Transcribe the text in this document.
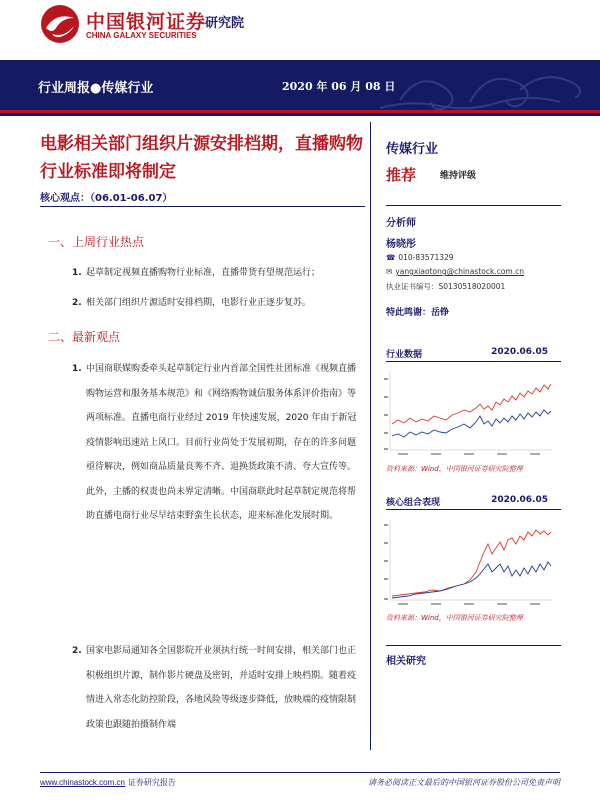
中国银河证券
CHINA GALAXY SECURITIES
研究院
行业周报●传媒行业	2020 年 06 月 08 日
电影相关部门组织片源安排档期，直播购物行业标准即将制定
核心观点：（06.01-06.07）
一、上周行业热点
1. 起草制定视频直播购物行业标准，直播带货有望规范运行；
2. 相关部门组织片源适时安排档期，电影行业正逐步复苏。
二、最新观点
1. 中国商联媒购委牵头起草制定行业内首部全国性社团标准《视频直播购物运营和服务基本规范》和《网络购物诚信服务体系评价指南》等两项标准。直播电商行业经过 2019 年快速发展，2020 年由于新冠疫情影响迅速站上风口。目前行业尚处于发展初期，存在的许多问题亟待解决，例如商品质量良莠不齐、退换货政策不清、夸大宣传等。此外，主播的权责也尚未界定清晰。中国商联此时起草制定规范将帮助直播电商行业尽早结束野蛮生长状态，迎来标准化发展时期。
2. 国家电影局通知各全国影院开业须执行统一时间安排，相关部门也正积极组织片源，制作影片硬盘及密钥，并适时安排上映档期。随着疫情进入常态化防控阶段，各地风险等级逐步降低，放映端的疫情限制政策也跟随拍摄制作端
传媒行业
推荐	维持评级
分析师
杨晓彤
☎ 010-83571329
✉ yangxiaotong@chinastock.com.cn
执业证书编号：S0130518020001
特此鸣谢：岳铮
行业数据	2020.06.05
资料来源：Wind，中国银河证券研究院整理
核心组合表现	2020.06.05
资料来源：Wind，中国银河证券研究院整理
相关研究
www.chinastock.com.cn 证券研究报告	请务必阅读正文最后的中国银河证券股份公司免责声明
